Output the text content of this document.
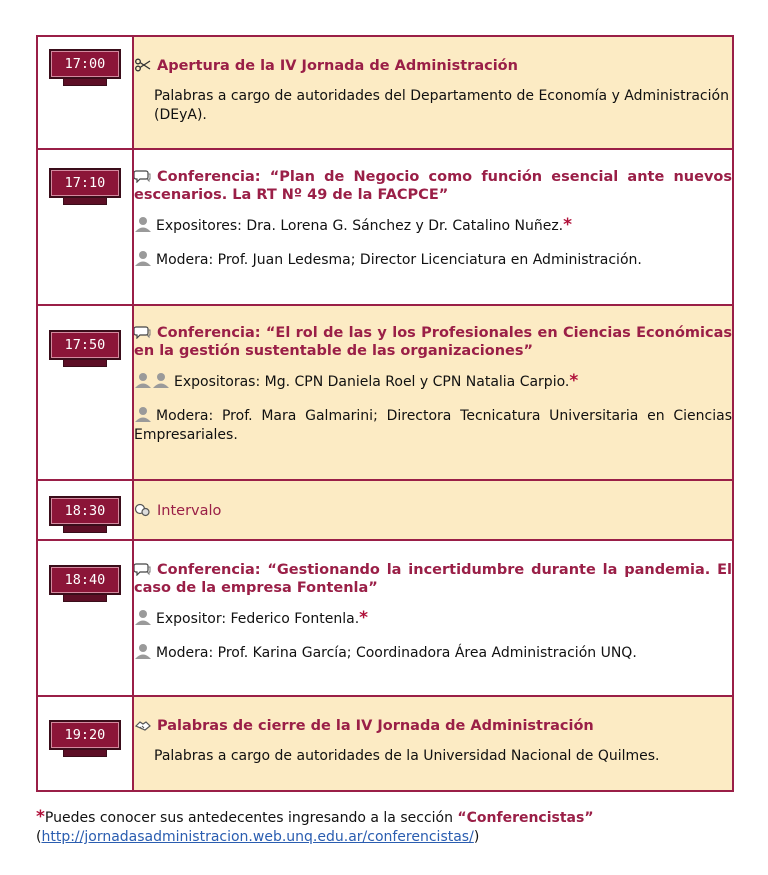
17:00	Apertura de la IV Jornada de Administración

Palabras a cargo de autoridades del Departamento de Economía y Administración (DEyA).

17:10	Conferencia: “Plan de Negocio como función esencial ante nuevos escenarios. La RT Nº 49 de la FACPCE”

Expositores: Dra. Lorena G. Sánchez y Dr. Catalino Nuñez.*

Modera: Prof. Juan Ledesma; Director Licenciatura en Administración.

17:50	Conferencia: “El rol de las y los Profesionales en Ciencias Económicas en la gestión sustentable de las organizaciones”

Expositoras: Mg. CPN Daniela Roel y CPN Natalia Carpio.*

Modera: Prof. Mara Galmarini; Directora Tecnicatura Universitaria en Ciencias Empresariales.

18:30	Intervalo

18:40	Conferencia: “Gestionando la incertidumbre durante la pandemia. El caso de la empresa Fontenla”

Expositor: Federico Fontenla.*

Modera: Prof. Karina García; Coordinadora Área Administración UNQ.

19:20	Palabras de cierre de la IV Jornada de Administración

Palabras a cargo de autoridades de la Universidad Nacional de Quilmes.

*Puedes conocer sus antedecentes ingresando a la sección “Conferencistas”
(http://jornadasadministracion.web.unq.edu.ar/conferencistas/)
